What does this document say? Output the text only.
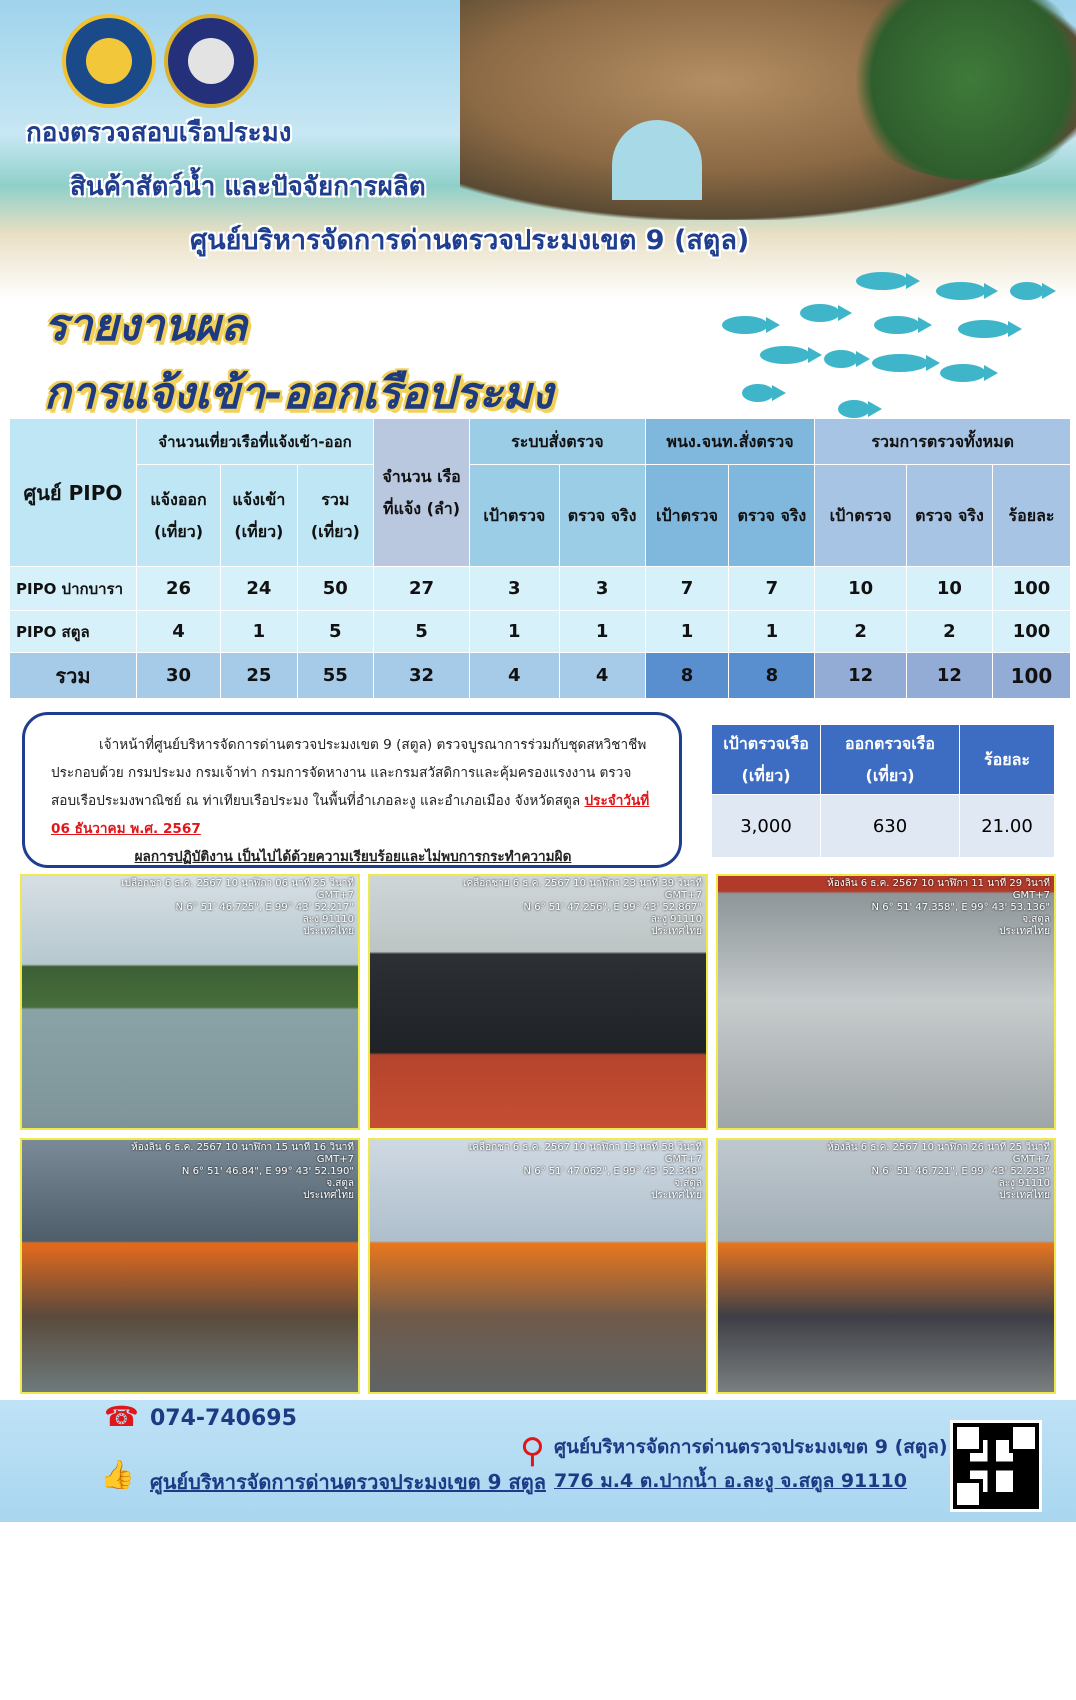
กองตรวจสอบเรือประมง
สินค้าสัตว์น้ำ และปัจจัยการผลิต
ศูนย์บริหารจัดการด่านตรวจประมงเขต 9 (สตูล)
รายงานผล
การแจ้งเข้า-ออกเรือประมง
ศูนย์ PIPO	จำนวนเที่ยวเรือที่แจ้งเข้า-ออก			จำนวน เรือที่แจ้ง (ลำ)	ระบบสั่งตรวจ		พนง.จนท.สั่งตรวจ		รวมการตรวจทั้งหมด		
	แจ้งออก (เที่ยว)	แจ้งเข้า (เที่ยว)	รวม (เที่ยว)		เป้าตรวจ	ตรวจ จริง	เป้าตรวจ	ตรวจ จริง	เป้าตรวจ	ตรวจ จริง	ร้อยละ
PIPO ปากบารา	26	24	50	27	3	3	7	7	10	10	100
PIPO สตูล	4	1	5	5	1	1	1	1	2	2	100
รวม	30	25	55	32	4	4	8	8	12	12	100
เจ้าหน้าที่ศูนย์บริหารจัดการด่านตรวจประมงเขต 9 (สตูล) ตรวจบูรณาการร่วมกับชุดสหวิชาชีพประกอบด้วย กรมประมง กรมเจ้าท่า กรมการจัดหางาน และกรมสวัสดิการและคุ้มครองแรงงาน ตรวจสอบเรือประมงพาณิชย์ ณ ท่าเทียบเรือประมง ในพื้นที่อำเภอละงู และอำเภอเมือง จังหวัดสตูล ประจำวันที่ 06 ธันวาคม พ.ศ. 2567
ผลการปฏิบัติงาน เป็นไปได้ด้วยความเรียบร้อยและไม่พบการกระทำความผิด
เป้าตรวจเรือ (เที่ยว)	ออกตรวจเรือ (เที่ยว)	ร้อยละ
3,000	630	21.00
เปลือกชา 6 ธ.ค. 2567 10 นาฬิกา 06 นาที 25 วินาที
GMT+7
N 6° 51' 46.725", E 99° 43' 52.217"
ละงู 91110
ประเทศไทย
เคลือกชาย 6 ธ.ค. 2567 10 นาฬิกา 23 นาที 39 วินาที
GMT+7
N 6° 51' 47.256", E 99° 43' 52.867"
ละงู 91110
ประเทศไทย
ห้องลิน 6 ธ.ค. 2567 10 นาฬิกา 11 นาที 29 วินาที
GMT+7
N 6° 51' 47.358", E 99° 43' 53.136"
จ.สตูล
ประเทศไทย
ห้องลิน 6 ธ.ค. 2567 10 นาฬิกา 15 นาที 16 วินาที
GMT+7
N 6° 51' 46.84", E 99° 43' 52.190"
จ.สตูล
ประเทศไทย
เคลือกชา 6 ธ.ค. 2567 10 นาฬิกา 13 นาที 58 วินาที
GMT+7
N 6° 51' 47.062", E 99° 43' 52.348"
จ.สตูล
ประเทศไทย
ห้องลิน 6 ธ.ค. 2567 10 นาฬิกา 26 นาที 25 วินาที
GMT+7
N 6° 51' 46.721", E 99° 43' 52.233"
ละงู 91110
ประเทศไทย
☎ 074-740695
👍 ศูนย์บริหารจัดการด่านตรวจประมงเขต 9 สตูล
⚲ ศูนย์บริหารจัดการด่านตรวจประมงเขต 9 (สตูล)
776 ม.4 ต.ปากน้ำ อ.ละงู จ.สตูล 91110
